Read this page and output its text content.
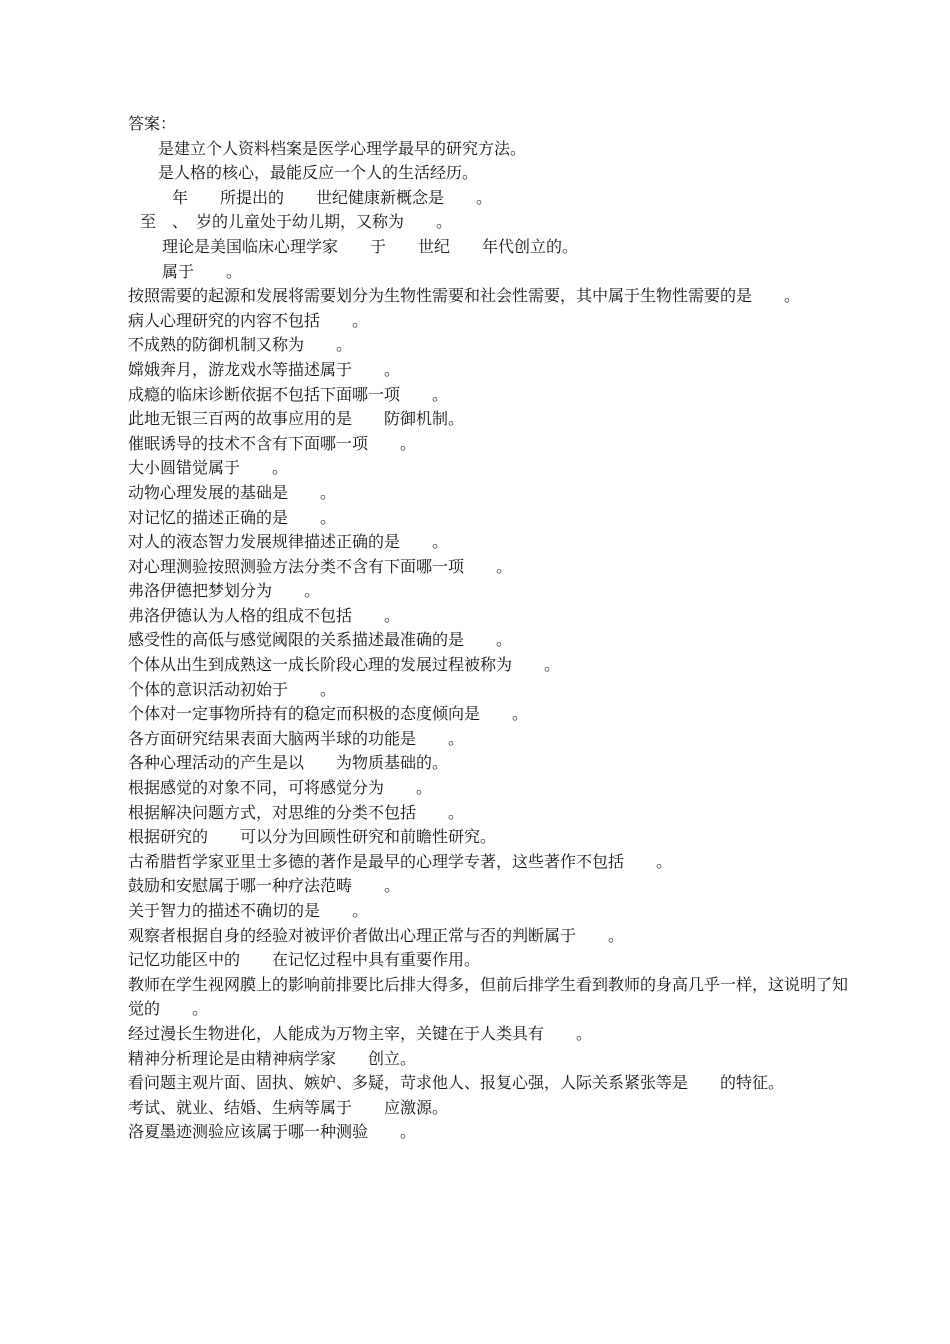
答案：

是建立个人资料档案是医学心理学最早的研究方法。

是人格的核心，最能反应一个人的生活经历。

年　　所提出的　　世纪健康新概念是　　。

至　、　岁的儿童处于幼儿期，又称为　　。

理论是美国临床心理学家　　于　　世纪　　年代创立的。

属于　　。

按照需要的起源和发展将需要划分为生物性需要和社会性需要，其中属于生物性需要的是　　。

病人心理研究的内容不包括　　。

不成熟的防御机制又称为　　。

嫦娥奔月，游龙戏水等描述属于　　。

成瘾的临床诊断依据不包括下面哪一项　　。

此地无银三百两的故事应用的是　　防御机制。

催眠诱导的技术不含有下面哪一项　　。

大小圆错觉属于　　。

动物心理发展的基础是　　。

对记忆的描述正确的是　　。

对人的液态智力发展规律描述正确的是　　。

对心理测验按照测验方法分类不含有下面哪一项　　。

弗洛伊德把梦划分为　　。

弗洛伊德认为人格的组成不包括　　。

感受性的高低与感觉阈限的关系描述最准确的是　　。

个体从出生到成熟这一成长阶段心理的发展过程被称为　　。

个体的意识活动初始于　　。

个体对一定事物所持有的稳定而积极的态度倾向是　　。

各方面研究结果表面大脑两半球的功能是　　。

各种心理活动的产生是以　　为物质基础的。

根据感觉的对象不同，可将感觉分为　　。

根据解决问题方式，对思维的分类不包括　　。

根据研究的　　可以分为回顾性研究和前瞻性研究。

古希腊哲学家亚里士多德的著作是最早的心理学专著，这些著作不包括　　。

鼓励和安慰属于哪一种疗法范畴　　。

关于智力的描述不确切的是　　。

观察者根据自身的经验对被评价者做出心理正常与否的判断属于　　。

记忆功能区中的　　在记忆过程中具有重要作用。

教师在学生视网膜上的影响前排要比后排大得多，但前后排学生看到教师的身高几乎一样，这说明了知觉的　　。

经过漫长生物进化，人能成为万物主宰，关键在于人类具有　　。

精神分析理论是由精神病学家　　创立。

看问题主观片面、固执、嫉妒、多疑，苛求他人、报复心强，人际关系紧张等是　　的特征。

考试、就业、结婚、生病等属于　　应激源。

洛夏墨迹测验应该属于哪一种测验　　。
